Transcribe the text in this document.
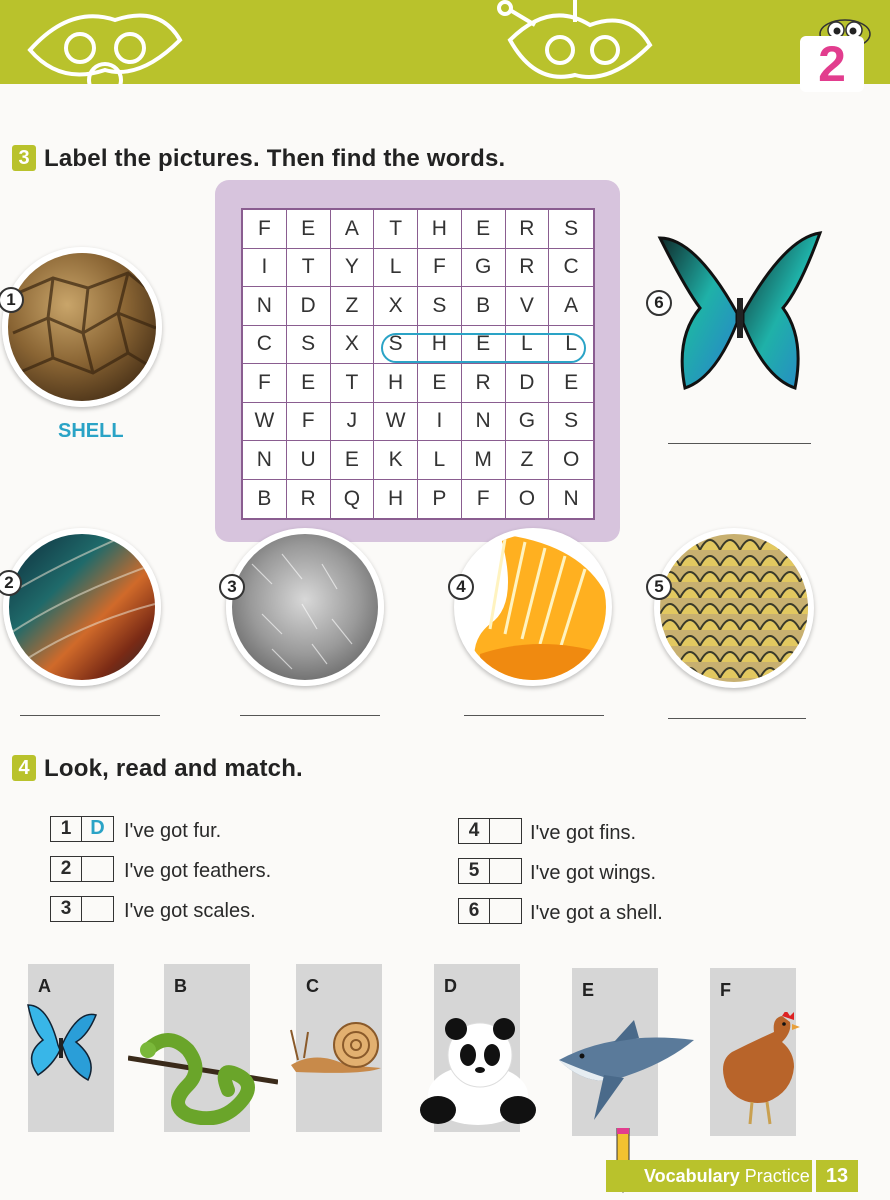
2
3 Label the pictures. Then find the words.
F	E	A	T	H	E	R	S
I	T	Y	L	F	G	R	C
N	D	Z	X	S	B	V	A
C	S	X	S	H	E	L	L
F	E	T	H	E	R	D	E
W	F	J	W	I	N	G	S
N	U	E	K	L	M	Z	O
B	R	Q	H	P	F	O	N
1
SHELL
6
2	3	4	5
4 Look, read and match.
1 D I've got fur.
2	I've got feathers.
3	I've got scales.
4	I've got fins.
5	I've got wings.
6	I've got a shell.
A	B	C	D	E	F
Vocabulary Practice 13
